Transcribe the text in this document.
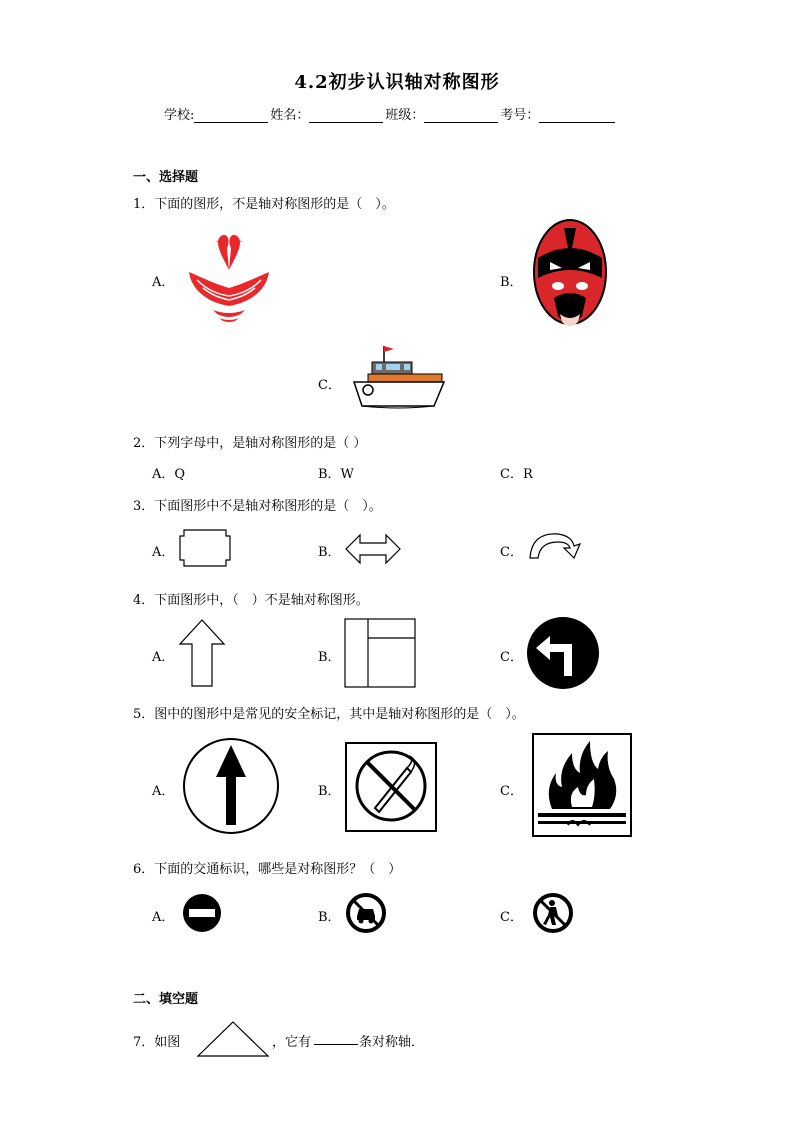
4.2初步认识轴对称图形
学校:	姓名：	班级：	考号：
一、选择题
1．下面的图形，不是轴对称图形的是（　）。
A．	B．
C．
2．下列字母中，是轴对称图形的是（ ）
A．Q	B．W	C．R
3．下面图形中不是轴对称图形的是（　）。
A．	B．	C．
4．下面图形中，（　）不是轴对称图形。
A．	B．	C．
5．图中的图形中是常见的安全标记，其中是轴对称图形的是（　）。
A．	B．	C．
6．下面的交通标识，哪些是对称图形？（　）
A．	B．	C．
二、填空题
7．如图	，它有	条对称轴．
